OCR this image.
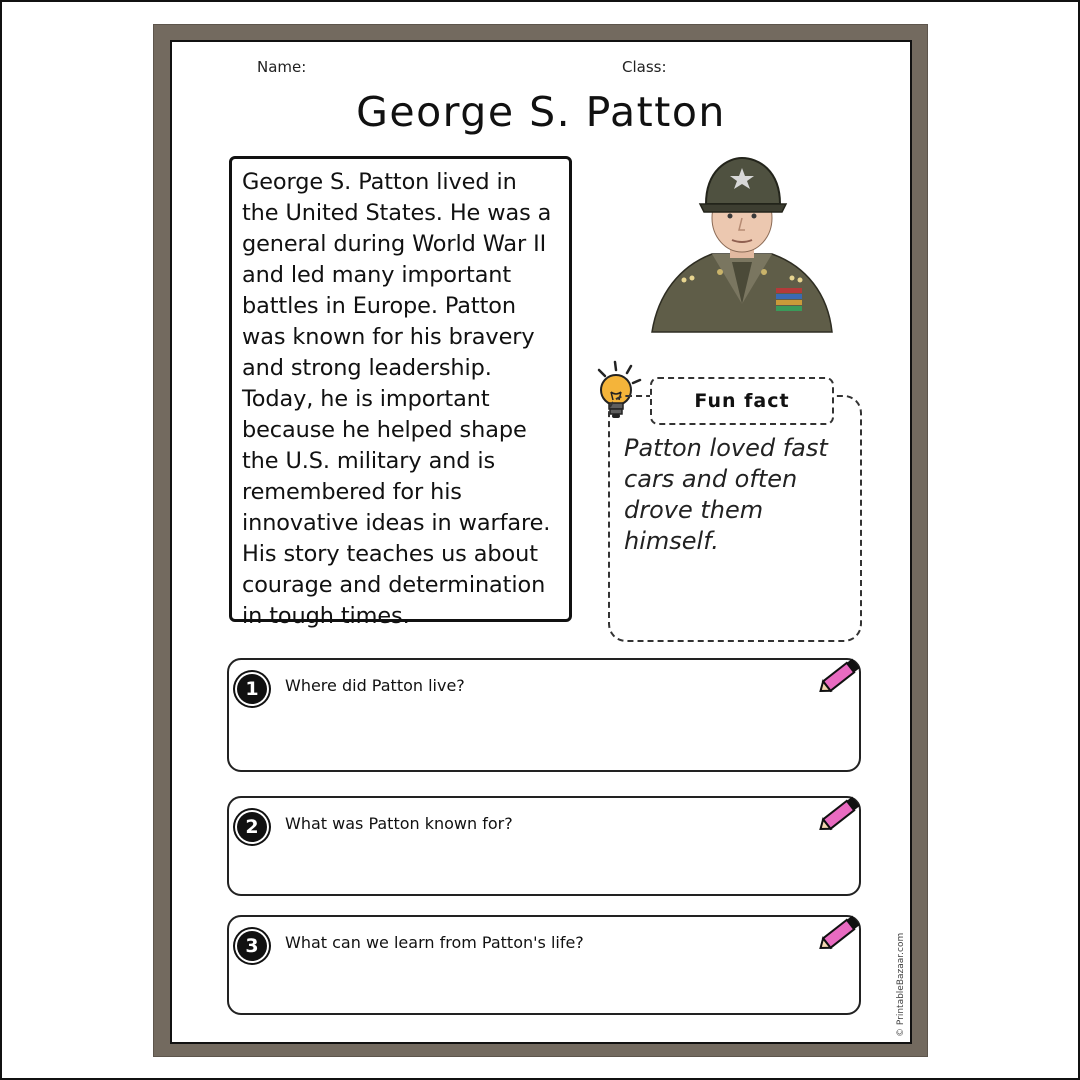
Name:	Class:
George S. Patton
George S. Patton lived in the United States. He was a general during World War II and led many important battles in Europe. Patton was known for his bravery and strong leadership. Today, he is important because he helped shape the U.S. military and is remembered for his innovative ideas in warfare. His story teaches us about courage and determination in tough times.
Fun fact
Patton loved fast cars and often drove them himself.
1	Where did Patton live?
2	What was Patton known for?
3	What can we learn from Patton's life?	© PrintableBazaar.com
